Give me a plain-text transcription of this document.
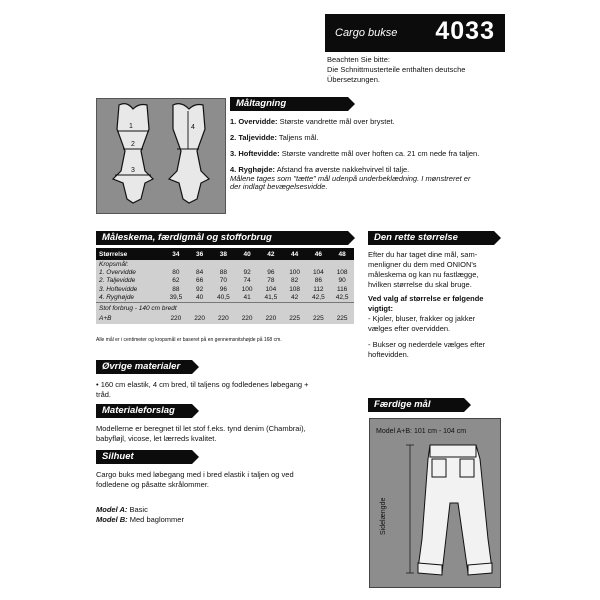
Cargo bukse 4033
Beachten Sie bitte:
Die Schnittmusterteile enthalten deutsche
Übersetzungen.
1
2
3
4
Måltagning
1. Overvidde: Største vandrette mål over brystet.
2. Taljevidde: Taljens mål.
3. Hoftevidde: Største vandrette mål over hoften ca. 21 cm nede fra taljen.
4. Ryghøjde: Afstand fra øverste nakkehvirvel til talje.
Målene tages som "tætte" mål udenpå underbeklædning. I mønstreret er
der indlagt bevægelsesvidde.
Måleskema, færdigmål og stofforbrug
Størrelse	34	36	38	40	42	44	46	48
Kropsmål:
1. Overvidde	80	84	88	92	96	100	104	108
2. Taljevidde	62	66	70	74	78	82	86	90
3. Hoftevidde	88	92	96	100	104	108	112	116
4. Ryghøjde	39,5	40	40,5	41	41,5	42	42,5	42,5
Stof forbrug - 140 cm bredt
A+B	220	220	220	220	220	225	225	225
Alle mål er i centimeter og kropsmål er baseret på en gennemsnitshøjde på 168 cm.
Øvrige materialer
• 160 cm elastik, 4 cm bred, til taljens og fodledenes løbegang +
tråd.
Materialeforslag
Modellerne er beregnet til let stof f.eks. tynd denim (Chambrai),
babyfløjl, vicose, let lærreds kvalitet.
Silhuet
Cargo buks med løbegang med i bred elastik i taljen og ved
fodledene og påsatte skrålommer.
Model A: Basic
Model B: Med baglommer
Den rette størrelse
Efter du har taget dine mål, sam-
menligner du dem med ONION's
måleskema og kan nu fastlægge,
hvilken størrelse du skal bruge.
Ved valg af størrelse er følgende
vigtigt:
- Kjoler, bluser, frakker og jakker
vælges efter overvidden.
- Bukser og nederdele vælges efter
hoftevidden.
Færdige mål
Model A+B: 101 cm - 104 cm
Sidelængde
